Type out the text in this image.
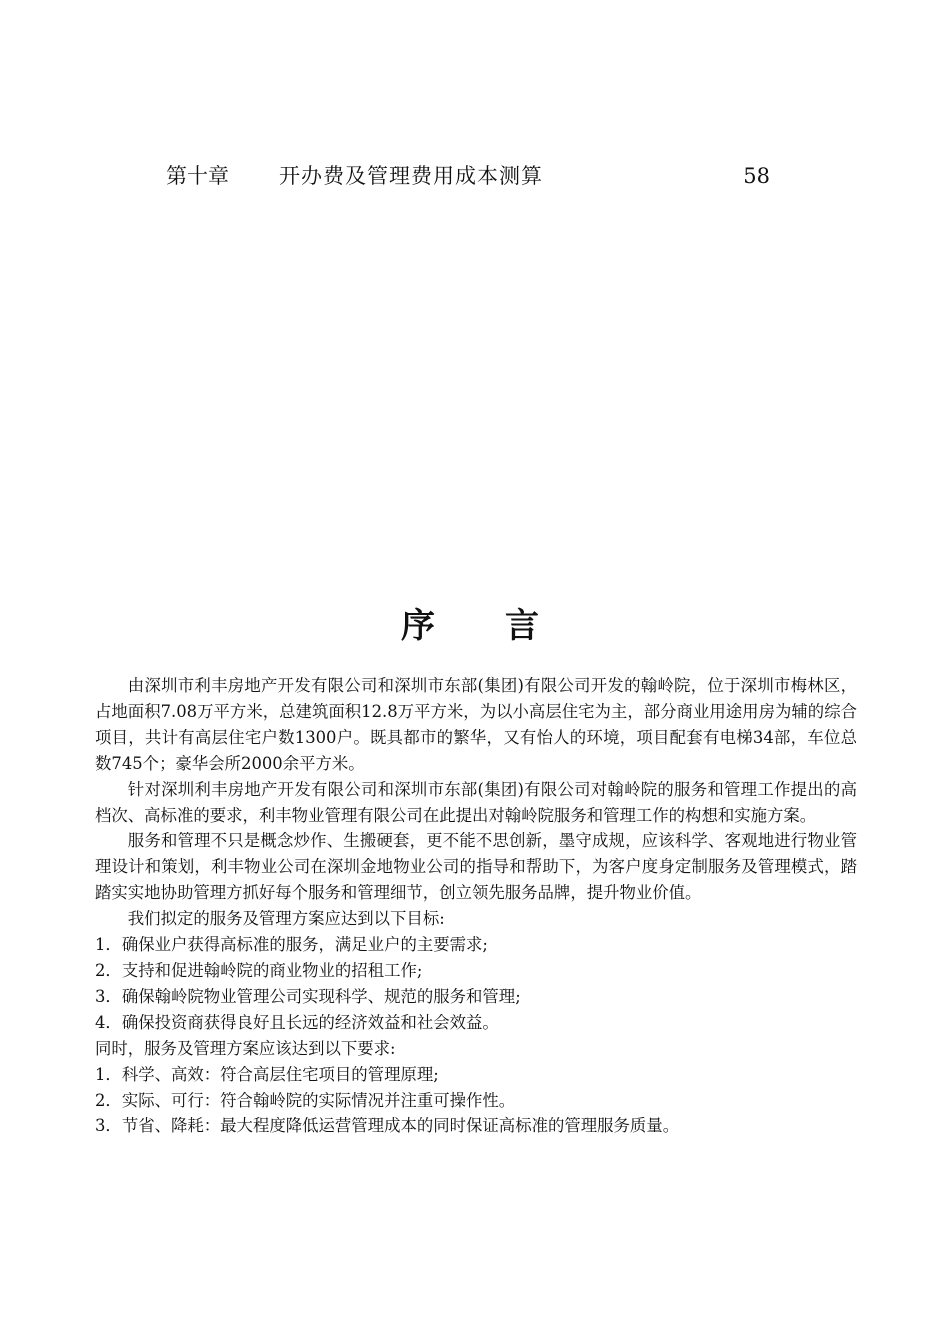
第十章 开办费及管理费用成本测算	58
序言

由深圳市利丰房地产开发有限公司和深圳市东部(集团)有限公司开发的翰岭院，位于深圳市梅林区，占地面积7.08万平方米，总建筑面积12.8万平方米，为以小高层住宅为主，部分商业用途用房为辅的综合项目，共计有高层住宅户数1300户。既具都市的繁华，又有怡人的环境，项目配套有电梯34部，车位总数745个；豪华会所2000余平方米。

针对深圳利丰房地产开发有限公司和深圳市东部(集团)有限公司对翰岭院的服务和管理工作提出的高档次、高标准的要求，利丰物业管理有限公司在此提出对翰岭院服务和管理工作的构想和实施方案。

服务和管理不只是概念炒作、生搬硬套，更不能不思创新，墨守成规，应该科学、客观地进行物业管理设计和策划，利丰物业公司在深圳金地物业公司的指导和帮助下，为客户度身定制服务及管理模式，踏踏实实地协助管理方抓好每个服务和管理细节，创立领先服务品牌，提升物业价值。

我们拟定的服务及管理方案应达到以下目标:

1．确保业户获得高标准的服务，满足业户的主要需求;

2．支持和促进翰岭院的商业物业的招租工作;

3．确保翰岭院物业管理公司实现科学、规范的服务和管理;

4．确保投资商获得良好且长远的经济效益和社会效益。

同时，服务及管理方案应该达到以下要求:

1．科学、高效：符合高层住宅项目的管理原理;

2．实际、可行：符合翰岭院的实际情况并注重可操作性。

3．节省、降耗：最大程度降低运营管理成本的同时保证高标准的管理服务质量。
